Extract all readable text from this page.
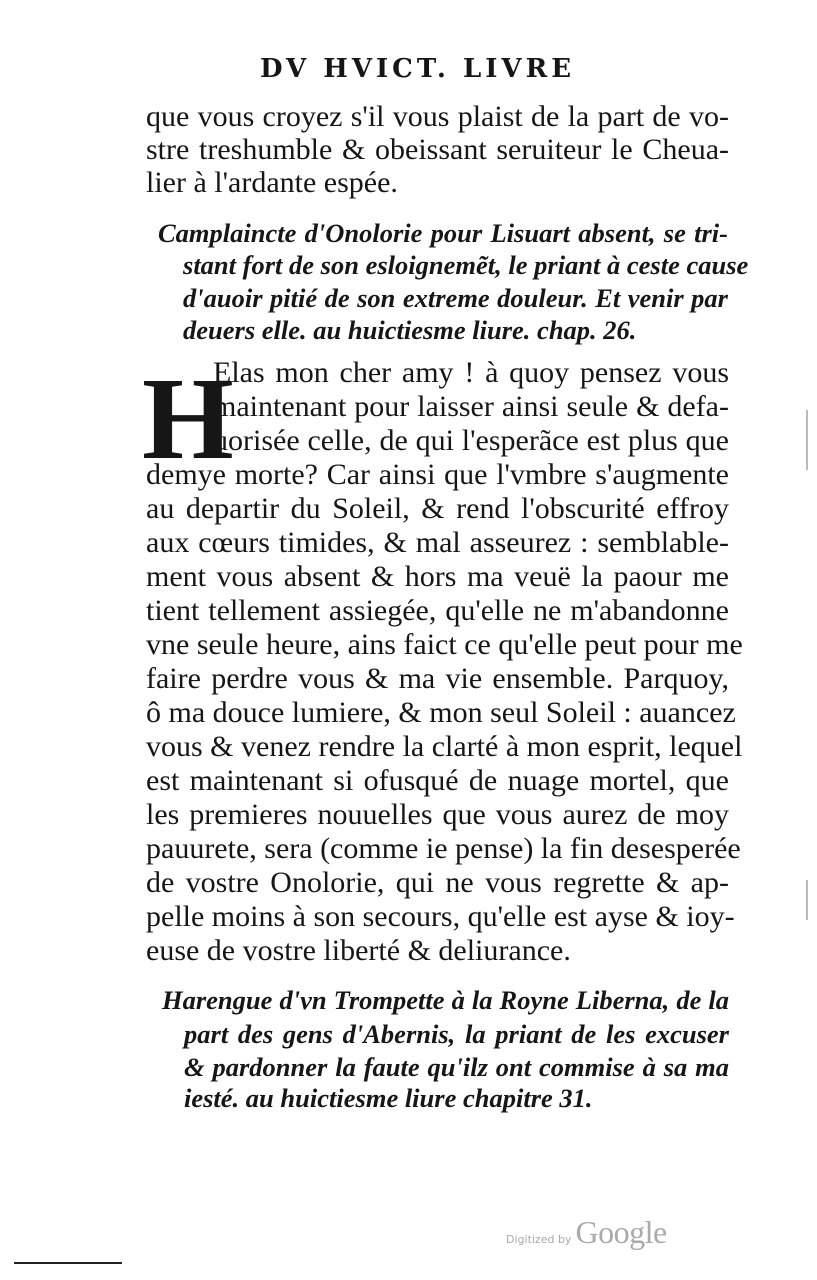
DV HVICT. LIVRE
que vous croyez s'il vous plaist de la part de vo-
stre treshumble & obeissant seruiteur le Cheua-
lier à l'ardante espée.
Camplaincte d'Onolorie pour Lisuart absent, se tri-
stant fort de son esloignemẽt, le priant à ceste cause
d'auoir pitié de son extreme douleur. Et venir par
deuers elle. au huictiesme liure. chap. 26.
H
Elas mon cher amy ! à quoy pensez vous
maintenant pour laisser ainsi seule & defa-
uorisée celle, de qui l'esperãce est plus que
demye morte? Car ainsi que l'vmbre s'augmente
au departir du Soleil, & rend l'obscurité effroy
aux cœurs timides, & mal asseurez : semblable-
ment vous absent & hors ma veuë la paour me
tient tellement assiegée, qu'elle ne m'abandonne
vne seule heure, ains faict ce qu'elle peut pour me
faire perdre vous & ma vie ensemble. Parquoy,
ô ma douce lumiere, & mon seul Soleil : auancez
vous & venez rendre la clarté à mon esprit, lequel
est maintenant si ofusqué de nuage mortel, que
les premieres nouuelles que vous aurez de moy
pauurete, sera (comme ie pense) la fin desesperée
de vostre Onolorie, qui ne vous regrette & ap-
pelle moins à son secours, qu'elle est ayse & ioy-
euse de vostre liberté & deliurance.
Harengue d'vn Trompette à la Royne Liberna, de la
part des gens d'Abernis, la priant de les excuser
& pardonner la faute qu'ilz ont commise à sa ma
iesté. au huictiesme liure chapitre 31.
Digitized by Google
